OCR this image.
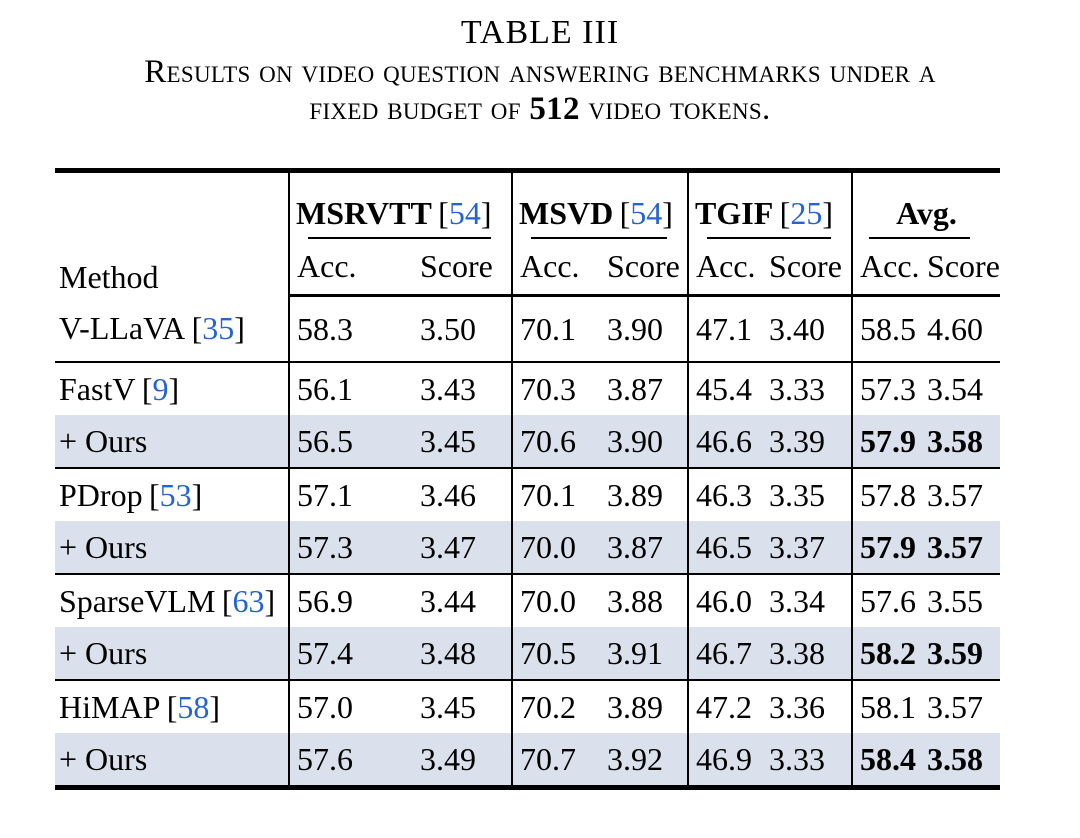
TABLE III
Results on video question answering benchmarks under a
fixed budget of 512 video tokens.
Method	MSRVTT [54]		MSVD [54]		TGIF [25]		Avg.	

	Acc.	Score	Acc.	Score	Acc.	Score	Acc.	Score
V-LLaVA [35]	58.3	3.50	70.1	3.90	47.1	3.40	58.5	4.60
FastV [9]	56.1	3.43	70.3	3.87	45.4	3.33	57.3	3.54
+ Ours	56.5	3.45	70.6	3.90	46.6	3.39	57.9	3.58
PDrop [53]	57.1	3.46	70.1	3.89	46.3	3.35	57.8	3.57
+ Ours	57.3	3.47	70.0	3.87	46.5	3.37	57.9	3.57
SparseVLM [63]	56.9	3.44	70.0	3.88	46.0	3.34	57.6	3.55
+ Ours	57.4	3.48	70.5	3.91	46.7	3.38	58.2	3.59
HiMAP [58]	57.0	3.45	70.2	3.89	47.2	3.36	58.1	3.57
+ Ours	57.6	3.49	70.7	3.92	46.9	3.33	58.4	3.58
